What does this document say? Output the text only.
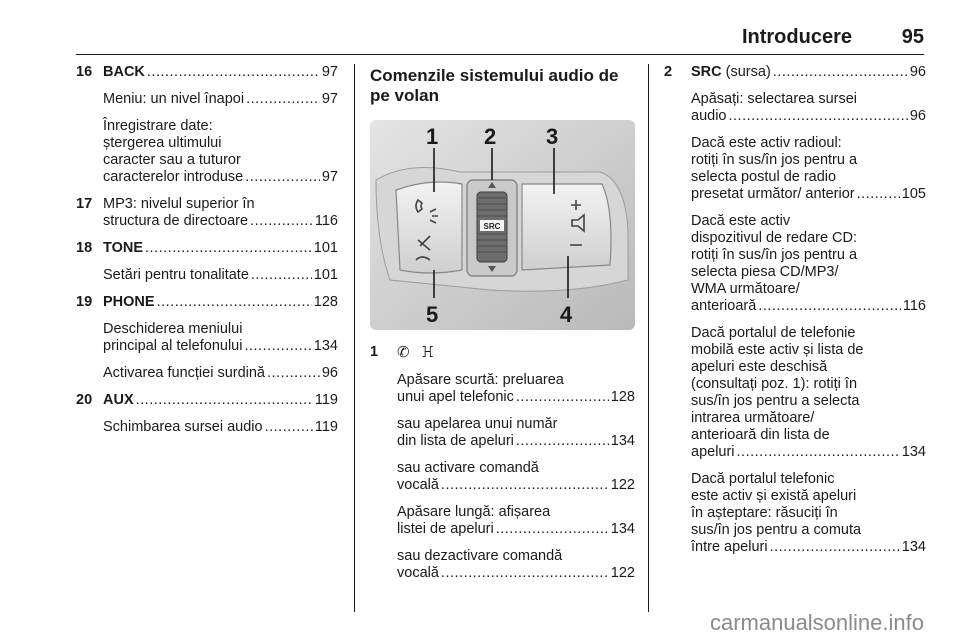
Introducere 95
16 BACK .....	97
Meniu: un nivel înapoi .....	97
Înregistrare date:
ștergerea ultimului
caracter sau a tuturor
caracterelor introduse .....	97
17 MP3: nivelul superior în
structura de directoare .....	116
18 TONE .....	101
Setări pentru tonalitate .....	101
19 PHONE .....	128
Deschiderea meniului
principal al telefonului .....	134
Activarea funcției surdină .....	96
20 AUX .....	119
Schimbarea sursei audio .....	119
Comenzile sistemului audio de pe volan
SRC
1 2 3
4
5
1 ✆ ꖾ
Apăsare scurtă: preluarea
unui apel telefonic .....	128
sau apelarea unui număr
din lista de apeluri .....	134
sau activare comandă
vocală .....	122
Apăsare lungă: afișarea
listei de apeluri .....	134
sau dezactivare comandă
vocală .....	122
2 SRC (sursa) .....	96
Apăsați: selectarea sursei
audio .....	96
Dacă este activ radioul:
rotiți în sus/în jos pentru a
selecta postul de radio
presetat următor/ anterior .....	105
Dacă este activ
dispozitivul de redare CD:
rotiți în sus/în jos pentru a
selecta piesa CD/MP3/
WMA următoare/
anterioară .....	116
Dacă portalul de telefonie
mobilă este activ și lista de
apeluri este deschisă
(consultați poz. 1): rotiți în
sus/în jos pentru a selecta
intrarea următoare/
anterioară din lista de
apeluri .....	134
Dacă portalul telefonic
este activ și există apeluri
în așteptare: răsuciți în
sus/în jos pentru a comuta
între apeluri .....	134
carmanualsonline.info
